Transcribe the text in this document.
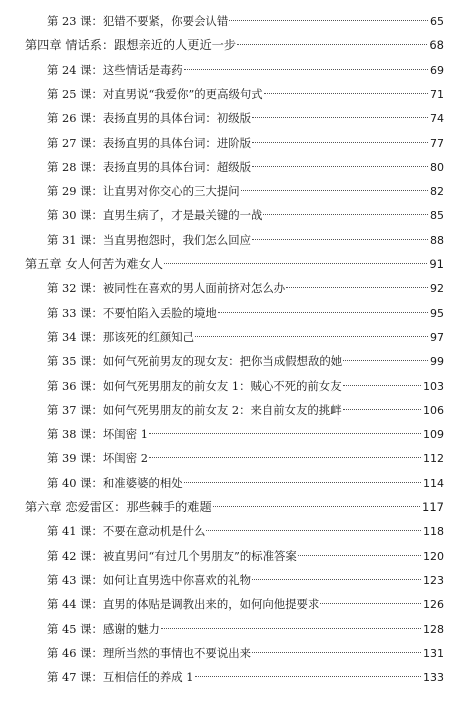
第 23 课：犯错不要紧，你要会认错	65
第四章 情话系：跟想亲近的人更近一步	68
第 24 课：这些情话是毒药	69
第 25 课：对直男说“我爱你”的更高级句式	71
第 26 课：表扬直男的具体台词：初级版	74
第 27 课：表扬直男的具体台词：进阶版	77
第 28 课：表扬直男的具体台词：超级版	80
第 29 课：让直男对你交心的三大提问	82
第 30 课：直男生病了，才是最关键的一战	85
第 31 课：当直男抱怨时，我们怎么回应	88
第五章 女人何苦为难女人	91
第 32 课：被同性在喜欢的男人面前挤对怎么办	92
第 33 课：不要怕陷入丢脸的境地	95
第 34 课：那该死的红颜知己	97
第 35 课：如何气死前男友的现女友：把你当成假想敌的她	99
第 36 课：如何气死男朋友的前女友 1：贼心不死的前女友	103
第 37 课：如何气死男朋友的前女友 2：来自前女友的挑衅	106
第 38 课：坏闺密 1	109
第 39 课：坏闺密 2	112
第 40 课：和准婆婆的相处	114
第六章 恋爱雷区：那些棘手的难题	117
第 41 课：不要在意动机是什么	118
第 42 课：被直男问“有过几个男朋友”的标准答案	120
第 43 课：如何让直男选中你喜欢的礼物	123
第 44 课：直男的体贴是调教出来的，如何向他提要求	126
第 45 课：感谢的魅力	128
第 46 课：理所当然的事情也不要说出来	131
第 47 课：互相信任的养成 1	133
